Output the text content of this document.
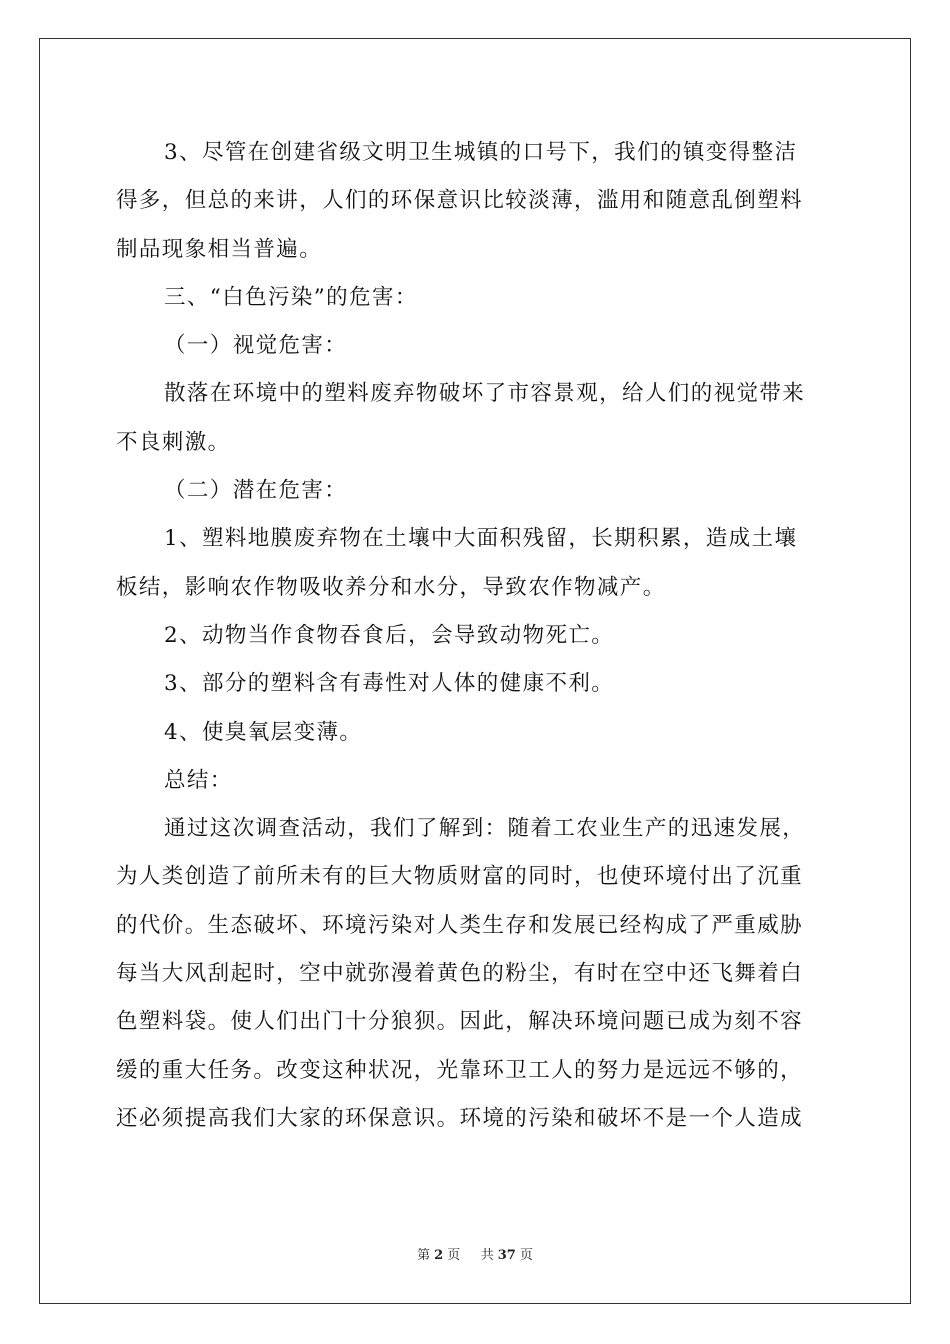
3、尽管在创建省级文明卫生城镇的口号下，我们的镇变得整洁
得多，但总的来讲，人们的环保意识比较淡薄，滥用和随意乱倒塑料
制品现象相当普遍。
三、“白色污染”的危害：
（一）视觉危害：
散落在环境中的塑料废弃物破坏了市容景观，给人们的视觉带来
不良刺激。
（二）潜在危害：
1、塑料地膜废弃物在土壤中大面积残留，长期积累，造成土壤
板结，影响农作物吸收养分和水分，导致农作物减产。
2、动物当作食物吞食后，会导致动物死亡。
3、部分的塑料含有毒性对人体的健康不利。
4、使臭氧层变薄。
总结：
通过这次调查活动，我们了解到：随着工农业生产的迅速发展，
为人类创造了前所未有的巨大物质财富的同时，也使环境付出了沉重
的代价。生态破坏、环境污染对人类生存和发展已经构成了严重威胁
每当大风刮起时，空中就弥漫着黄色的粉尘，有时在空中还飞舞着白
色塑料袋。使人们出门十分狼狈。因此，解决环境问题已成为刻不容
缓的重大任务。改变这种状况，光靠环卫工人的努力是远远不够的，
还必须提高我们大家的环保意识。环境的污染和破坏不是一个人造成
第 2 页 共 37 页
